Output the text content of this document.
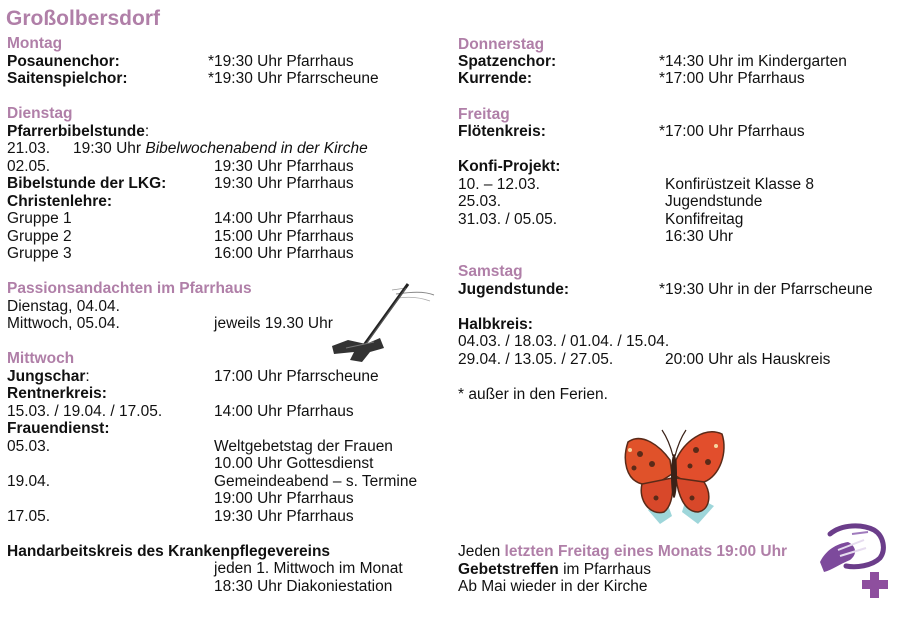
Großolbersdorf
Montag
Posaunenchor:	*19:30 Uhr Pfarrhaus
Saitenspielchor:	*19:30 Uhr Pfarrscheune
Dienstag
Pfarrerbibelstunde:
21.03. 19:30 Uhr Bibelwochenabend in der Kirche
02.05.	19:30 Uhr Pfarrhaus
Bibelstunde der LKG:	19:30 Uhr Pfarrhaus
Christenlehre:
Gruppe 1	14:00 Uhr Pfarrhaus
Gruppe 2	15:00 Uhr Pfarrhaus
Gruppe 3	16:00 Uhr Pfarrhaus
Passionsandachten im Pfarrhaus
Dienstag, 04.04.
Mittwoch, 05.04.	jeweils 19.30 Uhr
Mittwoch
Jungschar:	17:00 Uhr Pfarrscheune
Rentnerkreis:
15.03. / 19.04. / 17.05.	14:00 Uhr Pfarrhaus
Frauendienst:
05.03.	Weltgebetstag der Frauen
10.00 Uhr Gottesdienst
19.04.	Gemeindeabend – s. Termine
19:00 Uhr Pfarrhaus
17.05.	19:30 Uhr Pfarrhaus
Handarbeitskreis des Krankenpflegevereins
jeden 1. Mittwoch im Monat
18:30 Uhr Diakoniestation
Donnerstag
Spatzenchor:	*14:30 Uhr im Kindergarten
Kurrende:	*17:00 Uhr Pfarrhaus
Freitag
Flötenkreis:	*17:00 Uhr Pfarrhaus
Konfi-Projekt:
10. – 12.03.	Konfirüstzeit Klasse 8
25.03.	Jugendstunde
31.03. / 05.05.	Konfifreitag
16:30 Uhr
Samstag
Jugendstunde:	*19:30 Uhr in der Pfarrscheune
Halbkreis:
04.03. / 18.03. / 01.04. / 15.04.
29.04. / 13.05. / 27.05.	20:00 Uhr als Hauskreis
* außer in den Ferien.
Jeden letzten Freitag eines Monats 19:00 Uhr
Gebetstreffen im Pfarrhaus
Ab Mai wieder in der Kirche
